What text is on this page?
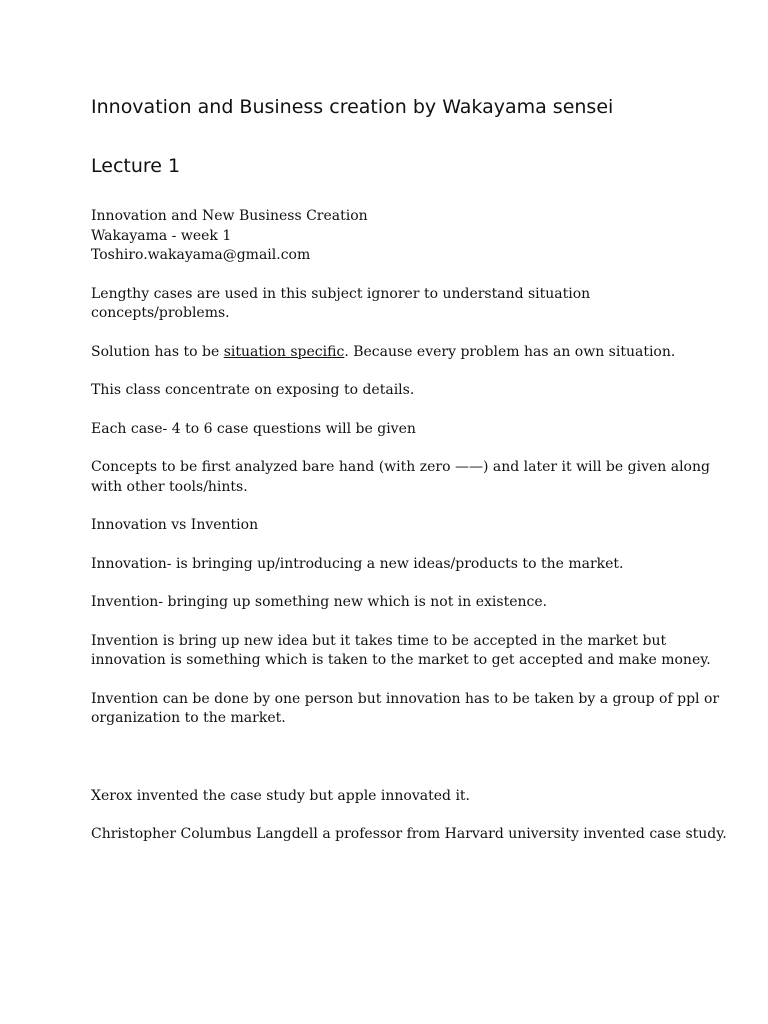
Innovation and Business creation by Wakayama sensei
Lecture 1

Innovation and New Business Creation

Wakayama - week 1

Toshiro.wakayama@gmail.com

Lengthy cases are used in this subject ignorer to understand situation concepts/problems.

Solution has to be situation specific. Because every problem has an own situation.

This class concentrate on exposing to details.

Each case- 4 to 6 case questions will be given

Concepts to be first analyzed bare hand (with zero ——) and later it will be given along with other tools/hints.

Innovation vs Invention

Innovation- is bringing up/introducing a new ideas/products to the market.

Invention- bringing up something new which is not in existence.

Invention is bring up new idea but it takes time to be accepted in the market but innovation is something which is taken to the market to get accepted and make money.

Invention can be done by one person but innovation has to be taken by a group of ppl or organization to the market.

Xerox invented the case study but apple innovated it.

Christopher Columbus Langdell a professor from Harvard university invented case study.
